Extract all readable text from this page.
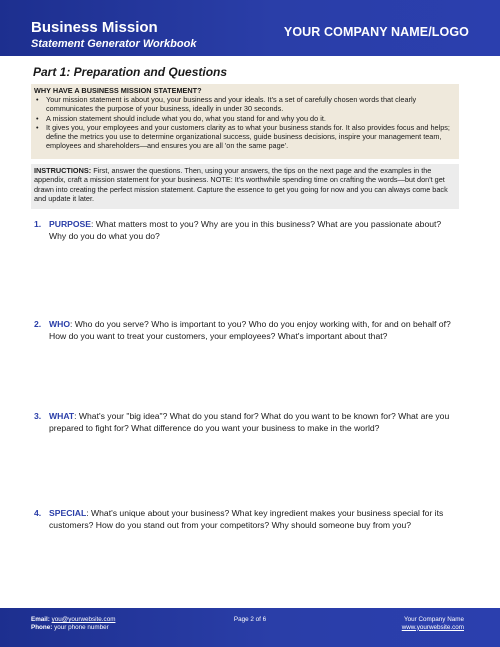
Business Mission
Statement Generator Workbook
YOUR COMPANY NAME/LOGO
Part 1: Preparation and Questions
WHY HAVE A BUSINESS MISSION STATEMENT?
• Your mission statement is about you, your business and your ideals. It's a set of carefully chosen words that clearly communicates the purpose of your business, ideally in under 30 seconds.
• A mission statement should include what you do, what you stand for and why you do it.
• It gives you, your employees and your customers clarity as to what your business stands for. It also provides focus and helps; define the metrics you use to determine organizational success, guide business decisions, inspire your management team, employees and shareholders—and ensures you are all 'on the same page'.
INSTRUCTIONS: First, answer the questions. Then, using your answers, the tips on the next page and the examples in the appendix, craft a mission statement for your business. NOTE: It's worthwhile spending time on crafting the words—but don't get drawn into creating the perfect mission statement. Capture the essence to get you going for now and you can always come back and update it later.
1. PURPOSE: What matters most to you? Why are you in this business? What are you passionate about? Why do you do what you do?
2. WHO: Who do you serve? Who is important to you? Who do you enjoy working with, for and on behalf of? How do you want to treat your customers, your employees? What's important about that?
3. WHAT: What's your "big idea"? What do you stand for? What do you want to be known for? What are you prepared to fight for? What difference do you want your business to make in the world?
4. SPECIAL: What's unique about your business? What key ingredient makes your business special for its customers? How do you stand out from your competitors? Why should someone buy from you?
Email: you@yourwebsite.com
Phone: your phone number
Page 2 of 6	Your Company Name
www.yourwebsite.com
